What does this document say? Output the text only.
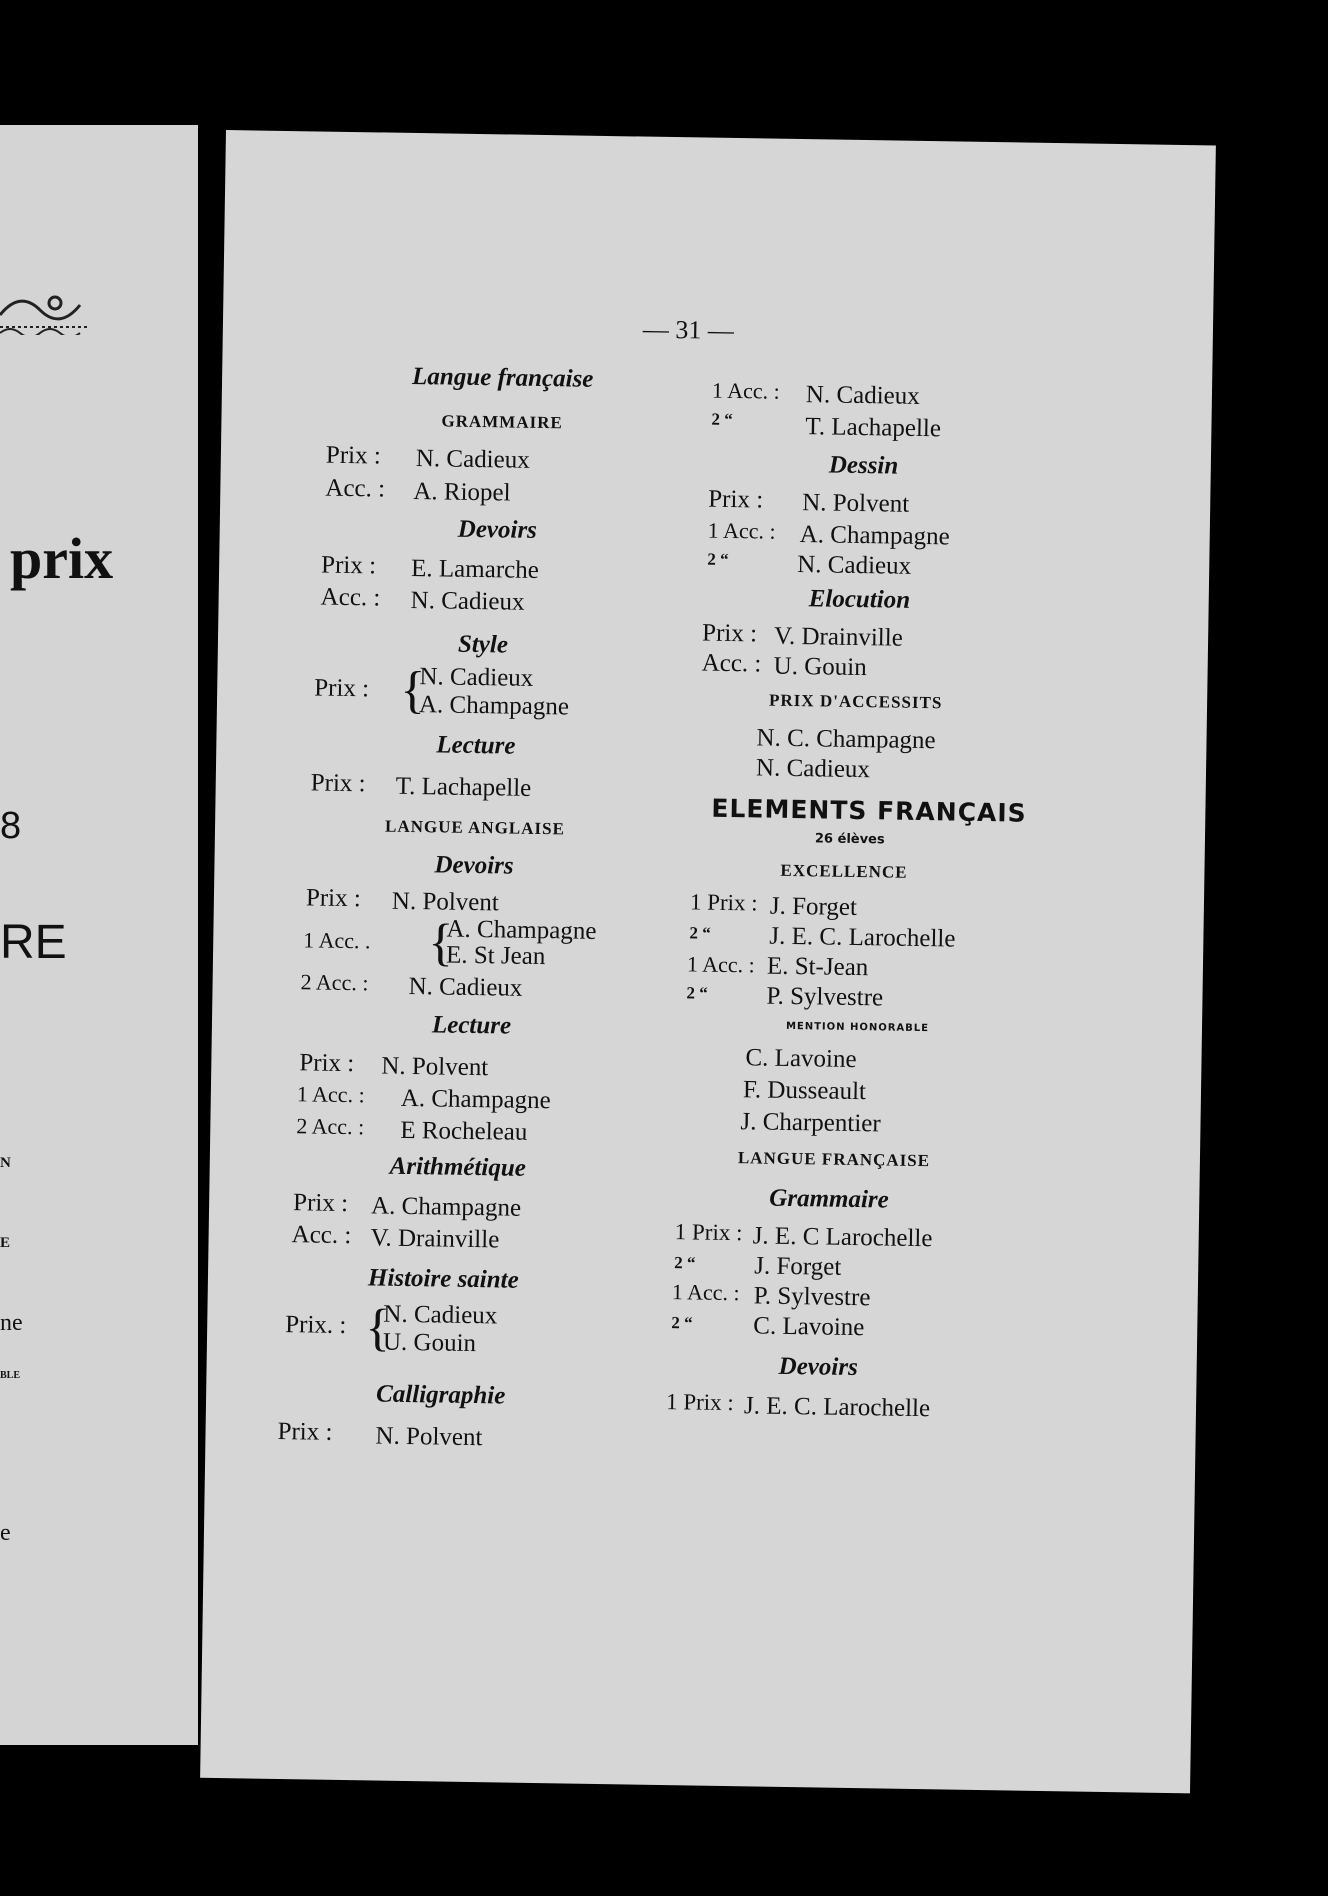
prix
8
RE
N
E
ne
BLE
e
— 31 —
Langue française
GRAMMAIRE
Prix : N. Cadieux
Acc. : A. Riopel
Devoirs
Prix : E. Lamarche
Acc. : N. Cadieux
Style
Prix : {
N. Cadieux
A. Champagne
Lecture
Prix : T. Lachapelle
LANGUE ANGLAISE
Devoirs
Prix : N. Polvent
1 Acc. . {
A. Champagne
E. St Jean
2 Acc. : N. Cadieux
Lecture
Prix : N. Polvent
1 Acc. : A. Champagne
2 Acc. : E Rocheleau
Arithmétique
Prix : A. Champagne
Acc. : V. Drainville
Histoire sainte
Prix. : {
N. Cadieux
U. Gouin
Calligraphie
Prix : N. Polvent
1 Acc. : N. Cadieux
2 “	T. Lachapelle
Dessin
Prix : N. Polvent
1 Acc. : A. Champagne
2 “	N. Cadieux
Elocution
Prix : V. Drainville
Acc. : U. Gouin
PRIX D'ACCESSITS
N. C. Champagne
N. Cadieux
ELEMENTS FRANÇAIS
26 élèves
EXCELLENCE
1 Prix : J. Forget
2 “ J. E. C. Larochelle
1 Acc. : E. St-Jean
2 “ P. Sylvestre
MENTION HONORABLE
C. Lavoine
F. Dusseault
J. Charpentier
LANGUE FRANÇAISE
Grammaire
1 Prix : J. E. C Larochelle
2 “ J. Forget
1 Acc. : P. Sylvestre
2 “ C. Lavoine
Devoirs
1 Prix : J. E. C. Larochelle
